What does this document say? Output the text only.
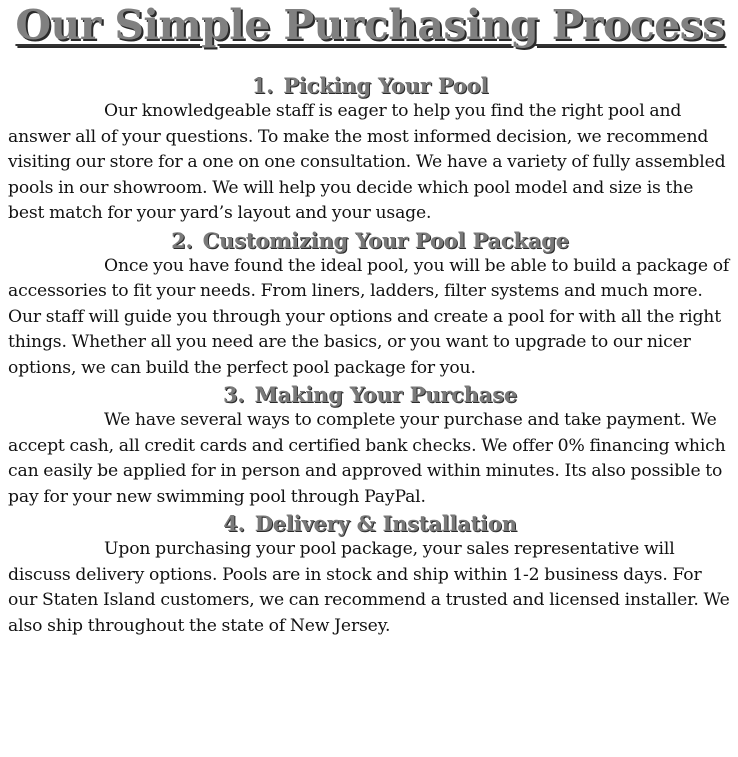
Our Simple Purchasing Process
1. Picking Your Pool

Our knowledgeable staff is eager to help you find the right pool and answer all of your questions. To make the most informed decision, we recommend visiting our store for a one on one consultation. We have a variety of fully assembled pools in our showroom. We will help you decide which pool model and size is the best match for your yard’s layout and your usage.

2. Customizing Your Pool Package

Once you have found the ideal pool, you will be able to build a package of accessories to fit your needs. From liners, ladders, filter systems and much more. Our staff will guide you through your options and create a pool for with all the right things. Whether all you need are the basics, or you want to upgrade to our nicer options, we can build the perfect pool package for you.

3. Making Your Purchase

We have several ways to complete your purchase and take payment. We accept cash, all credit cards and certified bank checks. We offer 0% financing which can easily be applied for in person and approved within minutes. Its also possible to pay for your new swimming pool through PayPal.

4. Delivery & Installation

Upon purchasing your pool package, your sales representative will discuss delivery options. Pools are in stock and ship within 1-2 business days. For our Staten Island customers, we can recommend a trusted and licensed installer. We also ship throughout the state of New Jersey.
